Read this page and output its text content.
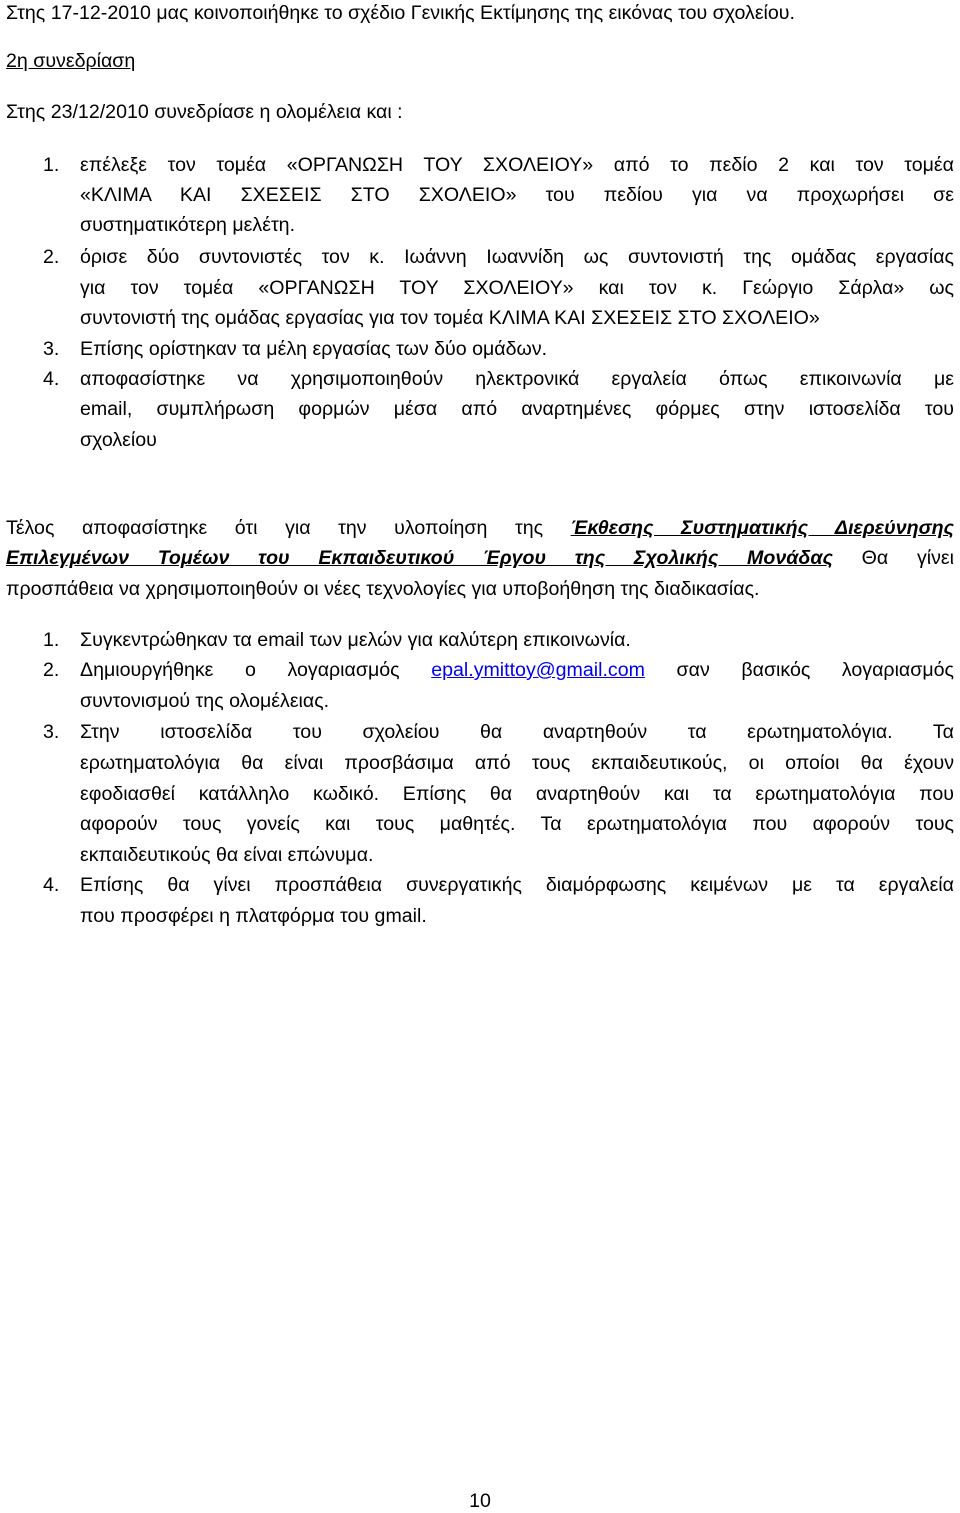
Στης 17-12-2010 μας κοινοποιήθηκε το σχέδιο Γενικής Εκτίμησης της εικόνας του σχολείου.
2η συνεδρίαση
Στης 23/12/2010 συνεδρίασε η ολομέλεια και :
1. επέλεξε τον τομέα «ΟΡΓΑΝΩΣΗ ΤΟΥ ΣΧΟΛΕΙΟΥ» από το πεδίο 2 και τον τομέα
«ΚΛΙΜΑ ΚΑΙ ΣΧΕΣΕΙΣ ΣΤΟ ΣΧΟΛΕΙΟ» του πεδίου για να προχωρήσει σε
συστηματικότερη μελέτη.
2. όρισε δύο συντονιστές τον κ. Ιωάννη Ιωαννίδη ως συντονιστή της ομάδας εργασίας
για τον τομέα «ΟΡΓΑΝΩΣΗ ΤΟΥ ΣΧΟΛΕΙΟΥ» και τον κ. Γεώργιο Σάρλα» ως
συντονιστή της ομάδας εργασίας για τον τομέα ΚΛΙΜΑ ΚΑΙ ΣΧΕΣΕΙΣ ΣΤΟ ΣΧΟΛΕΙΟ»
3. Επίσης ορίστηκαν τα μέλη εργασίας των δύο ομάδων.
4. αποφασίστηκε να χρησιμοποιηθούν ηλεκτρονικά εργαλεία όπως επικοινωνία με
email, συμπλήρωση φορμών μέσα από αναρτημένες φόρμες στην ιστοσελίδα του
σχολείου
Τέλος αποφασίστηκε ότι για την υλοποίηση της Έκθεσης Συστηματικής Διερεύνησης
Επιλεγμένων Τομέων του Εκπαιδευτικού Έργου της Σχολικής Μονάδας Θα γίνει
προσπάθεια να χρησιμοποιηθούν οι νέες τεχνολογίες για υποβοήθηση της διαδικασίας.
1. Συγκεντρώθηκαν τα email των μελών για καλύτερη επικοινωνία.
2. Δημιουργήθηκε ο λογαριασμός epal.ymittoy@gmail.com σαν βασικός λογαριασμός
συντονισμού της ολομέλειας.
3. Στην ιστοσελίδα του σχολείου θα αναρτηθούν τα ερωτηματολόγια. Τα
ερωτηματολόγια θα είναι προσβάσιμα από τους εκπαιδευτικούς, οι οποίοι θα έχουν
εφοδιασθεί κατάλληλο κωδικό. Επίσης θα αναρτηθούν και τα ερωτηματολόγια που
αφορούν τους γονείς και τους μαθητές. Τα ερωτηματολόγια που αφορούν τους
εκπαιδευτικούς θα είναι επώνυμα.
4. Επίσης θα γίνει προσπάθεια συνεργατικής διαμόρφωσης κειμένων με τα εργαλεία
που προσφέρει η πλατφόρμα του gmail.
10
